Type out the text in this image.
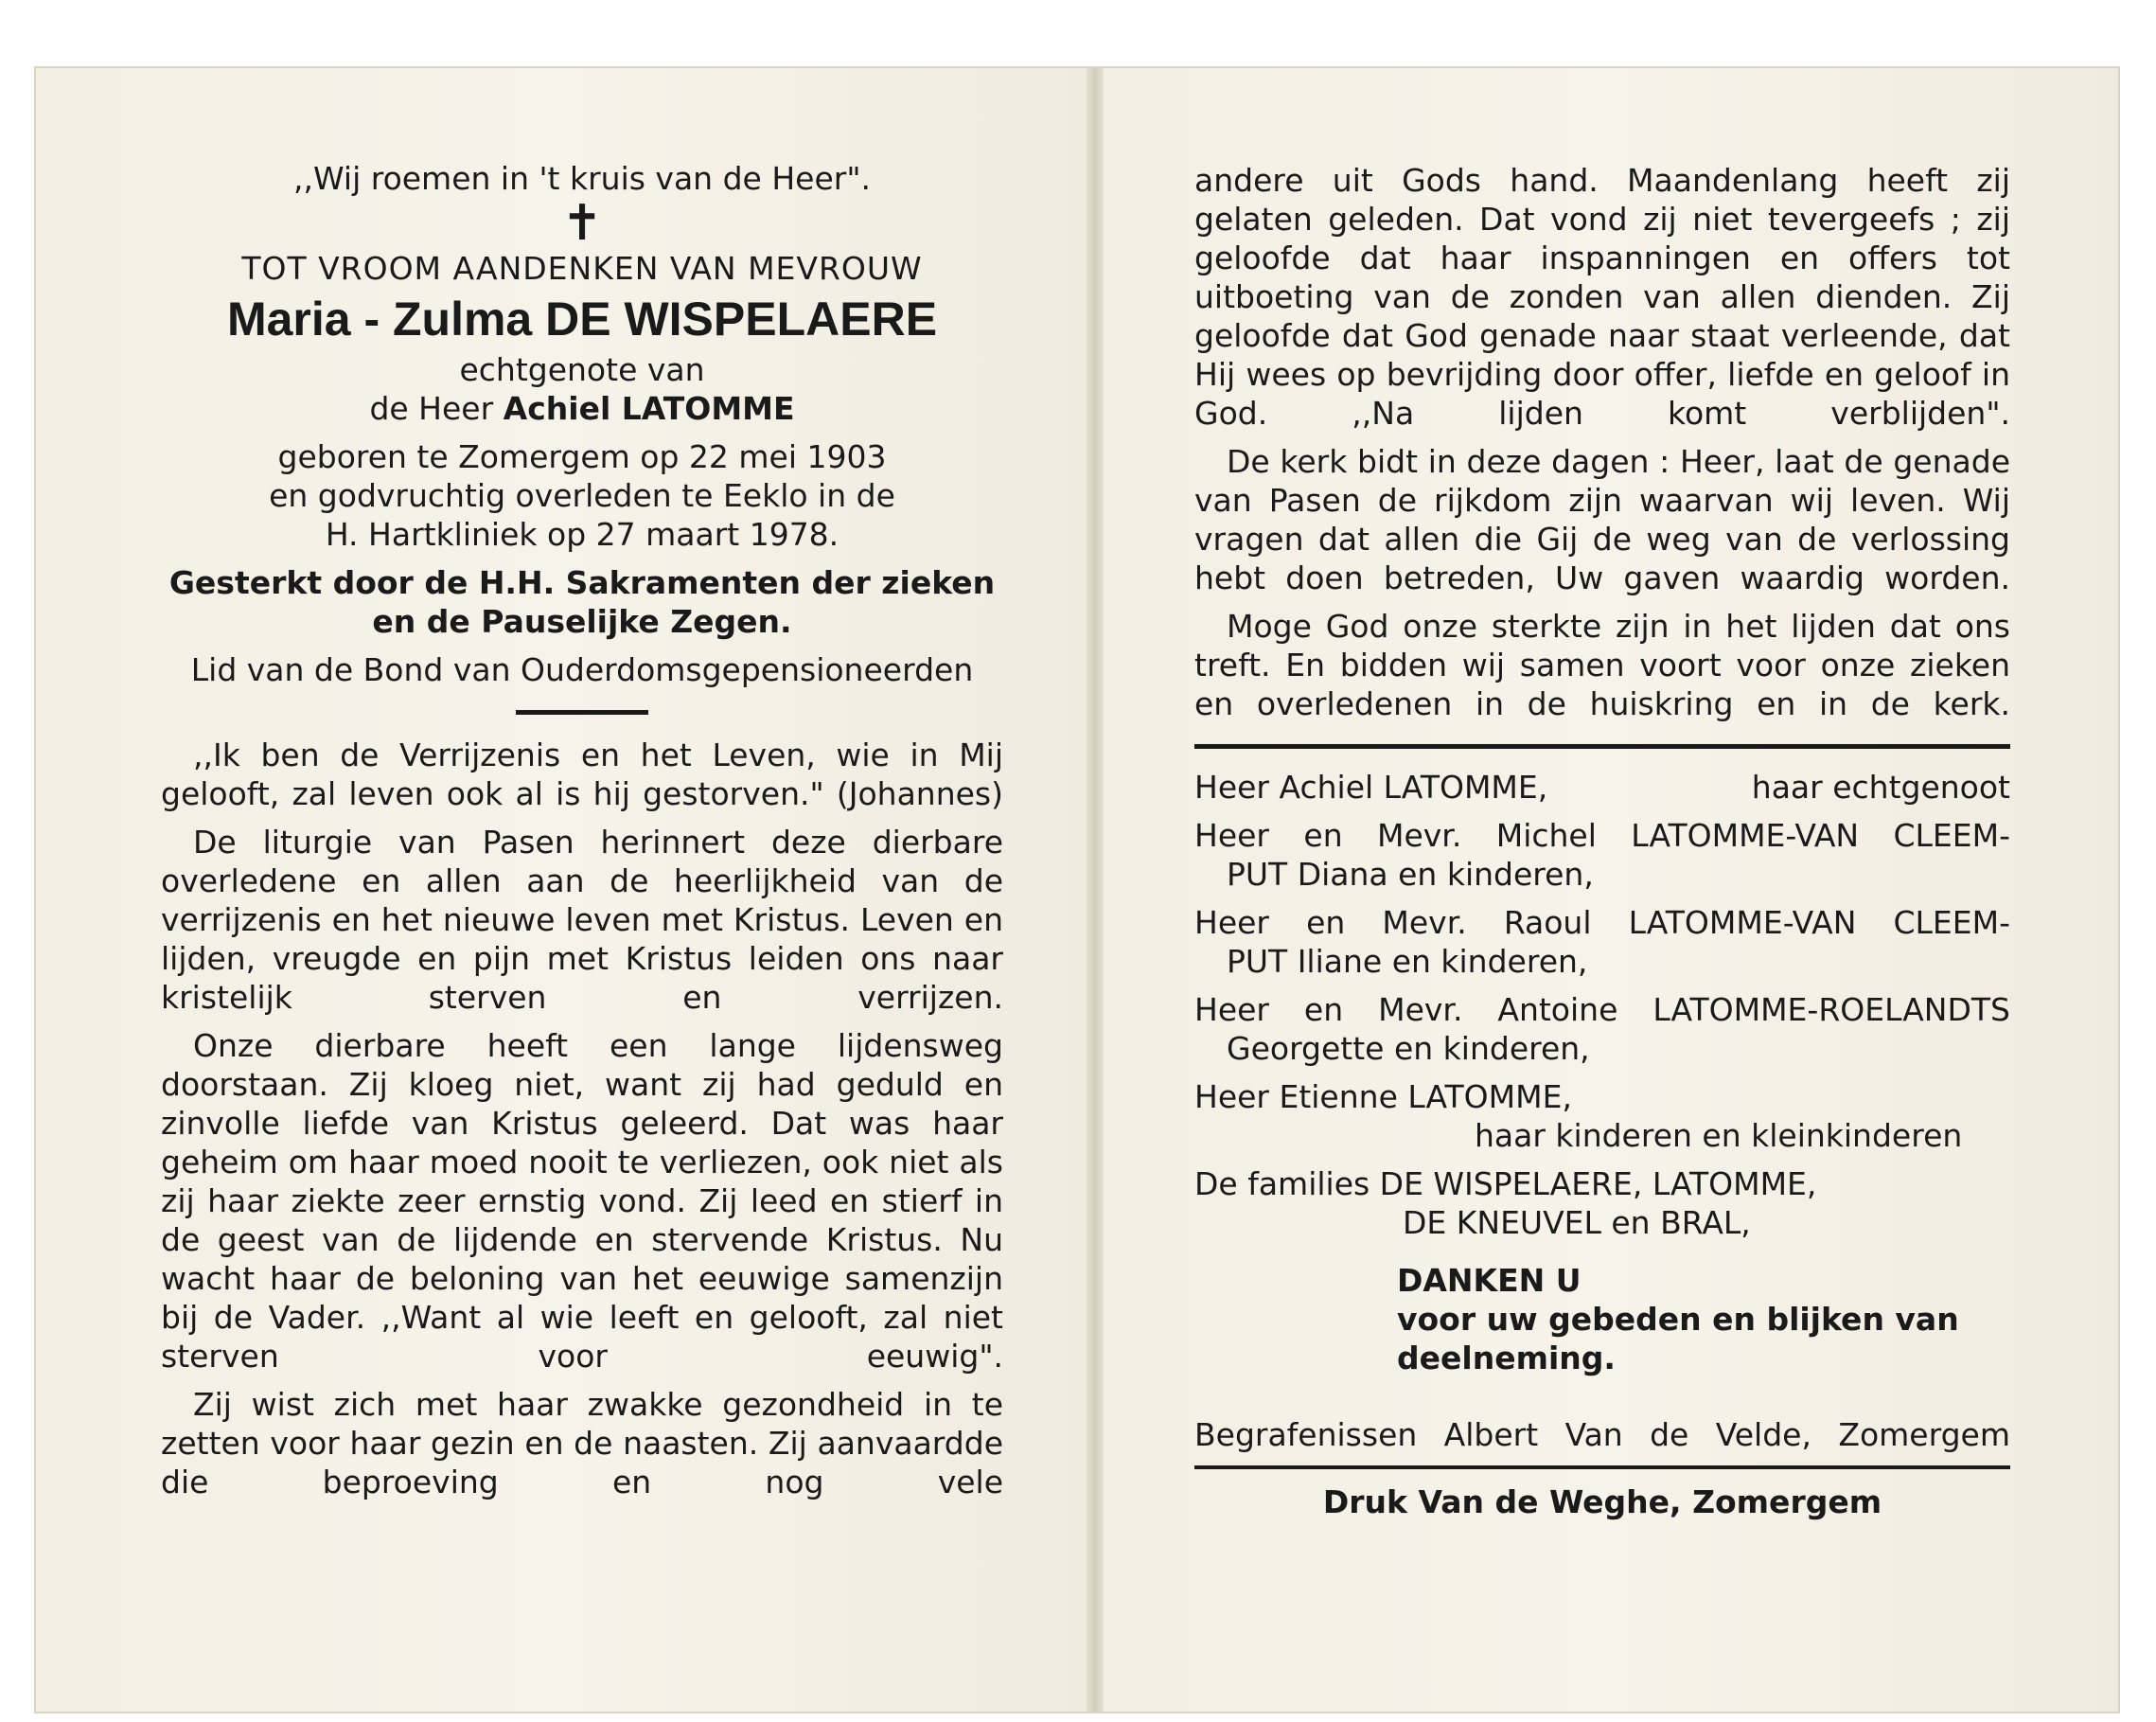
,,Wij roemen in 't kruis van de Heer".

✝

TOT VROOM AANDENKEN VAN MEVROUW

Maria - Zulma DE WISPELAERE

echtgenote van

de Heer Achiel LATOMME

geboren te Zomergem op 22 mei 1903

en godvruchtig overleden te Eeklo in de

H. Hartkliniek op 27 maart 1978.

Gesterkt door de H.H. Sakramenten der zieken

en de Pauselijke Zegen.

Lid van de Bond van Ouderdomsgepensioneerden

,,Ik ben de Verrijzenis en het Leven, wie in Mij gelooft, zal leven ook al is hij gestorven." (Johannes)

De liturgie van Pasen herinnert deze dierbare overledene en allen aan de heerlijkheid van de verrijzenis en het nieuwe leven met Kristus. Leven en lijden, vreugde en pijn met Kristus leiden ons naar kristelijk sterven en verrijzen.

Onze dierbare heeft een lange lijdensweg doorstaan. Zij kloeg niet, want zij had geduld en zinvolle liefde van Kristus geleerd. Dat was haar geheim om haar moed nooit te verliezen, ook niet als zij haar ziekte zeer ernstig vond. Zij leed en stierf in de geest van de lijdende en stervende Kristus. Nu wacht haar de beloning van het eeuwige samenzijn bij de Vader. ,,Want al wie leeft en gelooft, zal niet sterven voor eeuwig".

Zij wist zich met haar zwakke gezondheid in te zetten voor haar gezin en de naasten. Zij aanvaardde die beproeving en nog vele

andere uit Gods hand. Maandenlang heeft zij gelaten geleden. Dat vond zij niet tevergeefs ; zij geloofde dat haar inspanningen en offers tot uitboeting van de zonden van allen dienden. Zij geloofde dat God genade naar staat verleende, dat Hij wees op bevrijding door offer, liefde en geloof in God. ,,Na lijden komt verblijden".

De kerk bidt in deze dagen : Heer, laat de genade van Pasen de rijkdom zijn waarvan wij leven. Wij vragen dat allen die Gij de weg van de verlossing hebt doen betreden, Uw gaven waardig worden.

Moge God onze sterkte zijn in het lijden dat ons treft. En bidden wij samen voort voor onze zieken en overledenen in de huiskring en in de kerk.

Heer Achiel LATOMME,	haar echtgenoot

Heer en Mevr. Michel LATOMME-VAN CLEEM-

PUT Diana en kinderen,

Heer en Mevr. Raoul LATOMME-VAN CLEEM-

PUT Iliane en kinderen,

Heer en Mevr. Antoine LATOMME-ROELANDTS

Georgette en kinderen,

Heer Etienne LATOMME,

haar kinderen en kleinkinderen

De families DE WISPELAERE, LATOMME,

DE KNEUVEL en BRAL,

DANKEN U

voor uw gebeden en blijken van

deelneming.

Begrafenissen Albert Van de Velde, Zomergem

Druk Van de Weghe, Zomergem
